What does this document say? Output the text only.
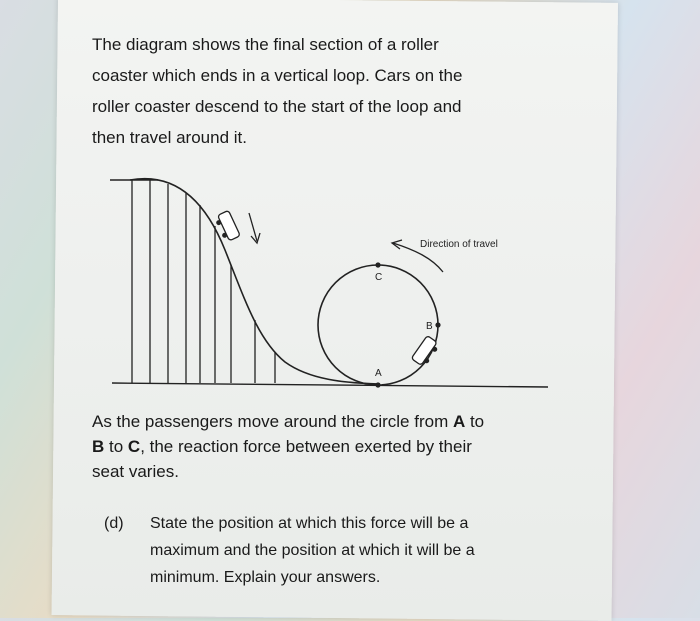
The diagram shows the final section of a roller
coaster which ends in a vertical loop. Cars on the
roller coaster descend to the start of the loop and
then travel around it.
Direction of travel
C
B
A
As the passengers move around the circle from A to
B to C, the reaction force between exerted by their
seat varies.
(d) State the position at which this force will be a
maximum and the position at which it will be a
minimum. Explain your answers.
